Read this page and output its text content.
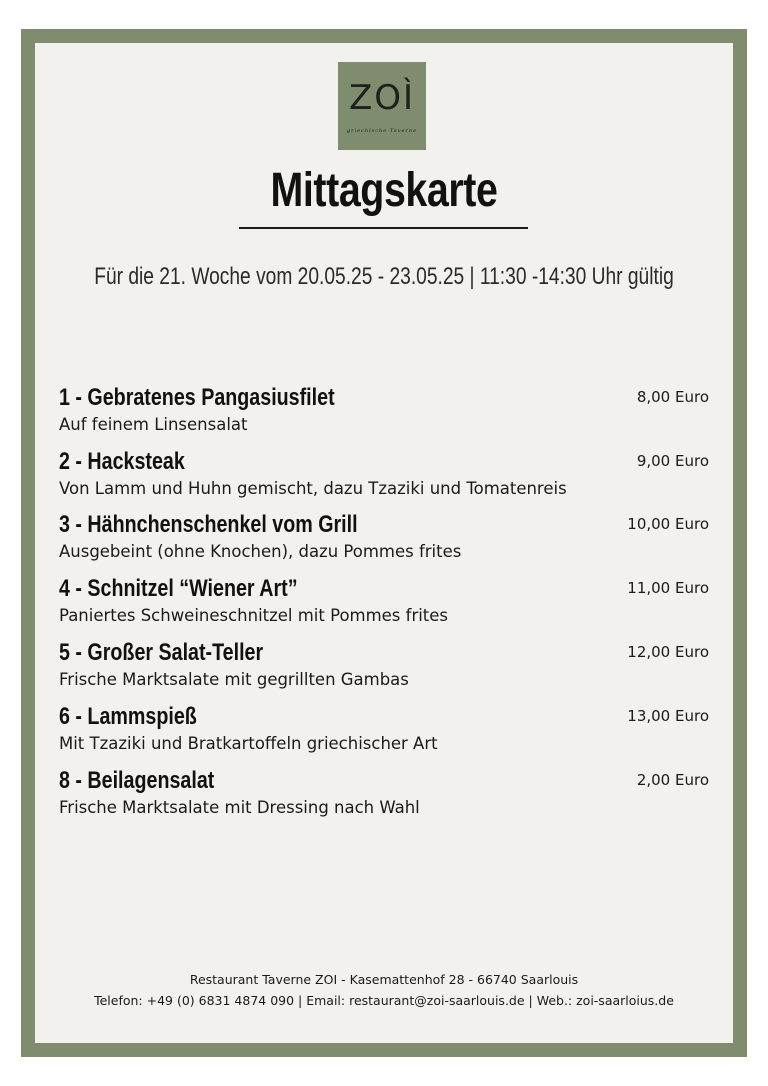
ZOÌ
griechische Taverne
Mittagskarte
Für die 21. Woche vom 20.05.25 - 23.05.25 | 11:30 -14:30 Uhr gültig
1 - Gebratenes Pangasiusfilet	8,00 Euro
Auf feinem Linsensalat
2 - Hacksteak	9,00 Euro
Von Lamm und Huhn gemischt, dazu Tzaziki und Tomatenreis
3 - Hähnchenschenkel vom Grill	10,00 Euro
Ausgebeint (ohne Knochen), dazu Pommes frites
4 - Schnitzel “Wiener Art”	11,00 Euro
Paniertes Schweineschnitzel mit Pommes frites
5 - Großer Salat-Teller	12,00 Euro
Frische Marktsalate mit gegrillten Gambas
6 - Lammspieß	13,00 Euro
Mit Tzaziki und Bratkartoffeln griechischer Art
8 - Beilagensalat	2,00 Euro
Frische Marktsalate mit Dressing nach Wahl
Restaurant Taverne ZOI - Kasemattenhof 28 - 66740 Saarlouis
Telefon: +49 (0) 6831 4874 090 | Email: restaurant@zoi-saarlouis.de | Web.: zoi-saarloius.de
